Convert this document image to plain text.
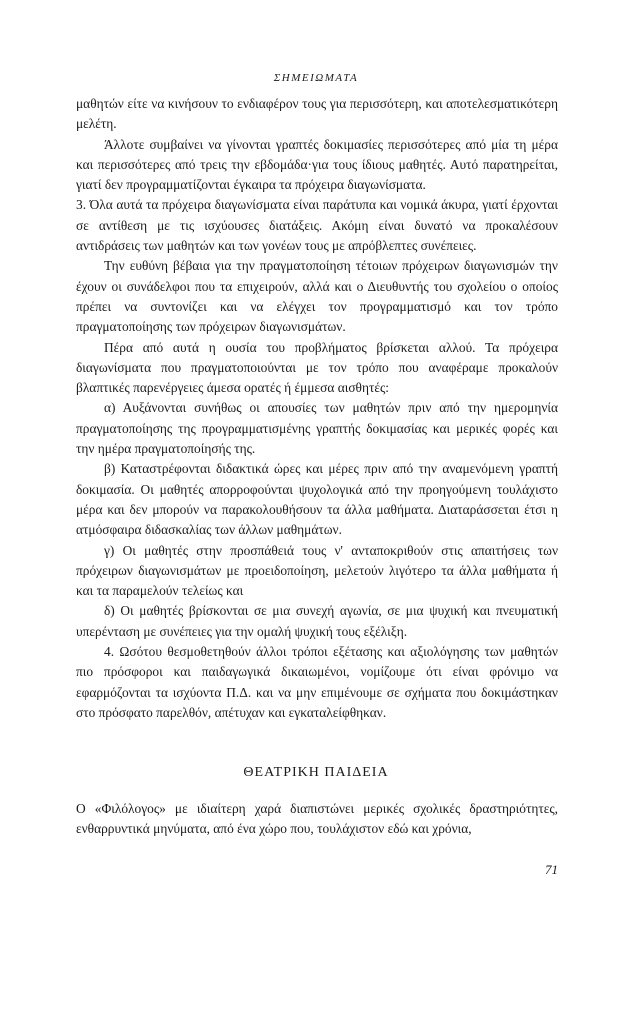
ΣΗΜΕΙΩΜΑΤΑ

μαθητών είτε να κινήσουν το ενδιαφέρον τους για περισσότερη, και αποτελεσματικότερη μελέτη.

Άλλοτε συμβαίνει να γίνονται γραπτές δοκιμασίες περισσότερες από μία τη μέρα και περισσότερες από τρεις την εβδομάδα·για τους ίδιους μαθητές. Αυτό παρατηρείται, γιατί δεν προγραμματίζονται έγκαιρα τα πρόχειρα διαγωνίσματα.

3. Όλα αυτά τα πρόχειρα διαγωνίσματα είναι παράτυπα και νομικά άκυρα, γιατί έρχονται σε αντίθεση με τις ισχύουσες διατάξεις. Ακόμη είναι δυνατό να προκαλέσουν αντιδράσεις των μαθητών και των γονέων τους με απρόβλεπτες συνέπειες.

Την ευθύνη βέβαια για την πραγματοποίηση τέτοιων πρόχειρων διαγωνισμών την έχουν οι συνάδελφοι που τα επιχειρούν, αλλά και ο Διευθυντής του σχολείου ο οποίος πρέπει να συντονίζει και να ελέγχει τον προγραμματισμό και τον τρόπο πραγματοποίησης των πρόχειρων διαγωνισμάτων.

Πέρα από αυτά η ουσία του προβλήματος βρίσκεται αλλού. Τα πρόχειρα διαγωνίσματα που πραγματοποιούνται με τον τρόπο που αναφέραμε προκαλούν βλαπτικές παρενέργειες άμεσα ορατές ή έμμεσα αισθητές:

α) Αυξάνονται συνήθως οι απουσίες των μαθητών πριν από την ημερομηνία πραγματοποίησης της προγραμματισμένης γραπτής δοκιμασίας και μερικές φορές και την ημέρα πραγματοποίησής της.

β) Καταστρέφονται διδακτικά ώρες και μέρες πριν από την αναμενόμενη γραπτή δοκιμασία. Οι μαθητές απορροφούνται ψυχολογικά από την προηγούμενη τουλάχιστο μέρα και δεν μπορούν να παρακολουθήσουν τα άλλα μαθήματα. Διαταράσσεται έτσι η ατμόσφαιρα διδασκαλίας των άλλων μαθημάτων.

γ) Οι μαθητές στην προσπάθειά τους ν' ανταποκριθούν στις απαιτήσεις των πρόχειρων διαγωνισμάτων με προειδοποίηση, μελετούν λιγότερο τα άλλα μαθήματα ή και τα παραμελούν τελείως και

δ) Οι μαθητές βρίσκονται σε μια συνεχή αγωνία, σε μια ψυχική και πνευματική υπερένταση με συνέπειες για την ομαλή ψυχική τους εξέλιξη.

4. Ωσότου θεσμοθετηθούν άλλοι τρόποι εξέτασης και αξιολόγησης των μαθητών πιο πρόσφοροι και παιδαγωγικά δικαιωμένοι, νομίζουμε ότι είναι φρόνιμο να εφαρμόζονται τα ισχύοντα Π.Δ. και να μην επιμένουμε σε σχήματα που δοκιμάστηκαν στο πρόσφατο παρελθόν, απέτυχαν και εγκαταλείφθηκαν.

ΘΕΑΤΡΙΚΗ ΠΑΙΔΕΙΑ

Ο «Φιλόλογος» με ιδιαίτερη χαρά διαπιστώνει μερικές σχολικές δραστηριότητες, ενθαρρυντικά μηνύματα, από ένα χώρο που, τουλάχιστον εδώ και χρόνια,

71
